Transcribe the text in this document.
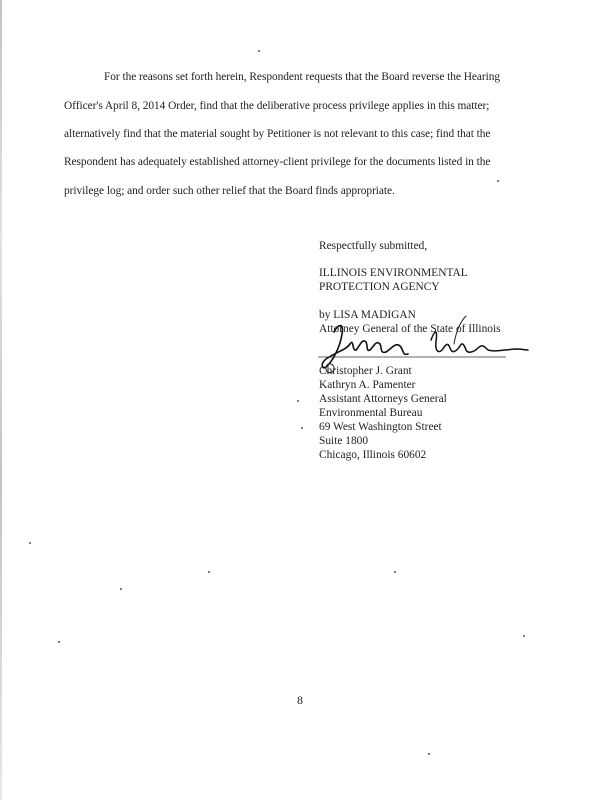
For the reasons set forth herein, Respondent requests that the Board reverse the Hearing
Officer's April 8, 2014 Order, find that the deliberative process privilege applies in this matter;
alternatively find that the material sought by Petitioner is not relevant to this case; find that the
Respondent has adequately established attorney-client privilege for the documents listed in the
privilege log; and order such other relief that the Board finds appropriate.
Respectfully submitted,
ILLINOIS ENVIRONMENTAL
PROTECTION AGENCY
by LISA MADIGAN
Attorney General of the State of Illinois
Christopher J. Grant
Kathryn A. Pamenter
Assistant Attorneys General
Environmental Bureau
69 West Washington Street
Suite 1800
Chicago, Illinois 60602
8
